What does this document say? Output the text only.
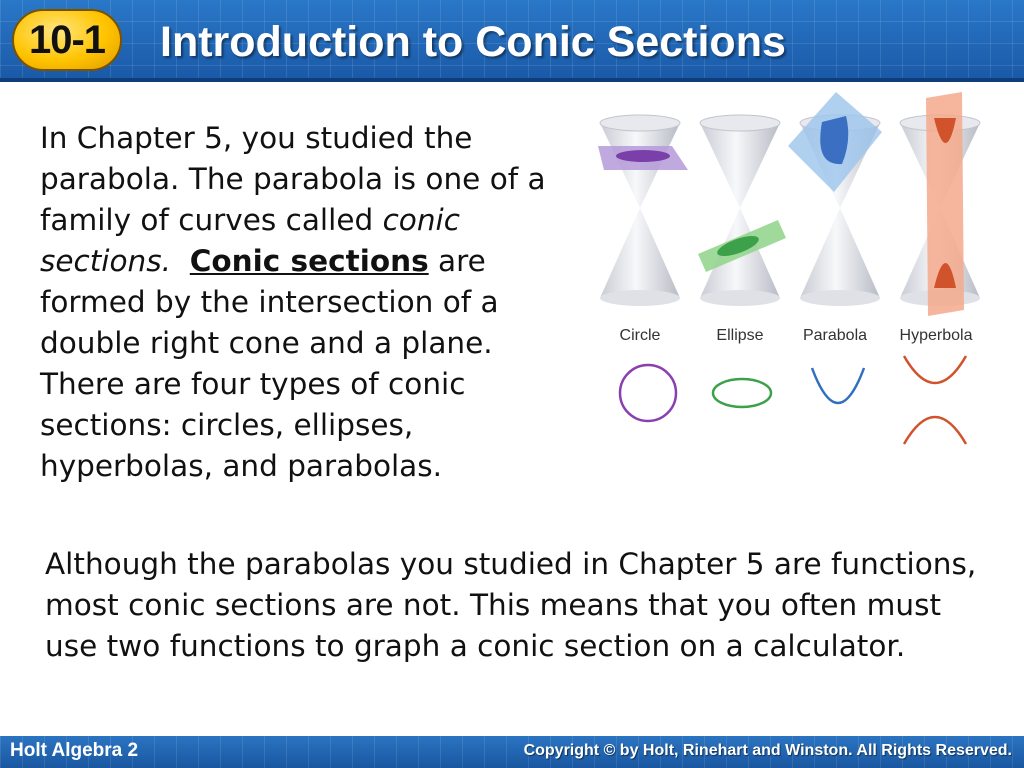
10-1 Introduction to Conic Sections
In Chapter 5, you studied the parabola. The parabola is one of a family of curves called conic sections. Conic sections are formed by the intersection of a double right cone and a plane. There are four types of conic sections: circles, ellipses, hyperbolas, and parabolas.
Although the parabolas you studied in Chapter 5 are functions, most conic sections are not. This means that you often must use two functions to graph a conic section on a calculator.
Circle	Ellipse Parabola Hyperbola
Holt Algebra 2	Copyright © by Holt, Rinehart and Winston. All Rights Reserved.
